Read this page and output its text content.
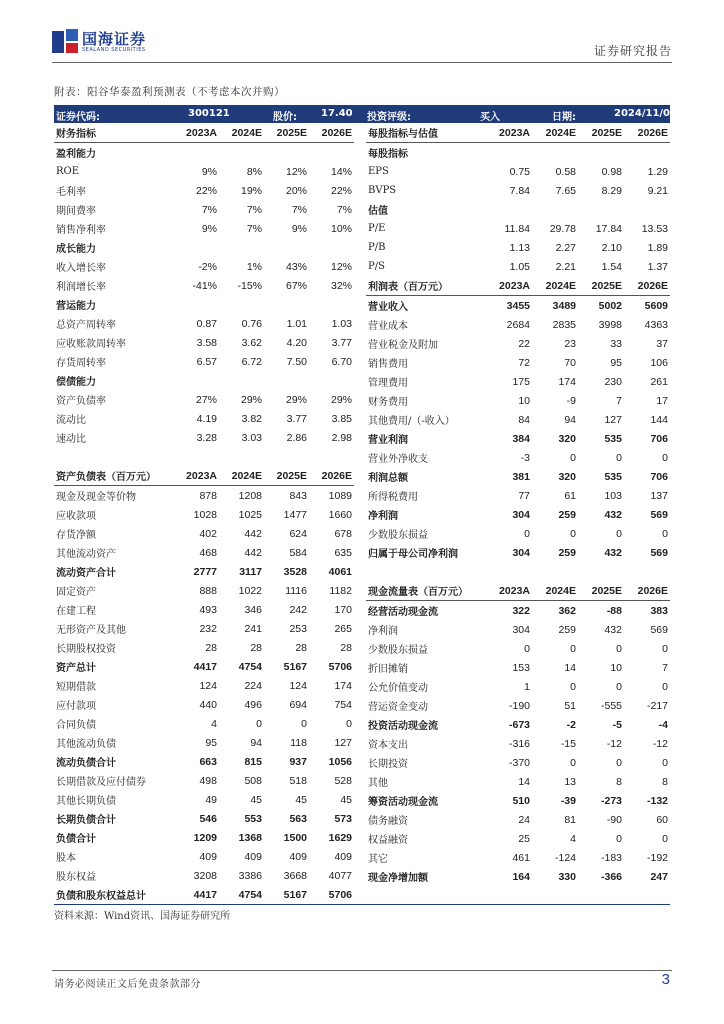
国海证券
SEALAND SECURITIES	证券研究报告
附表：阳谷华泰盈利预测表（不考虑本次并购）
证券代码:	300121	股价: 17.40 投资评级:	买入	日期:	2024/11/08
财务指标	2023A	2024E	2025E	2026E
盈利能力				
ROE	9%	8%	12%	14%
毛利率	22%	19%	20%	22%
期间费率	7%	7%	7%	7%
销售净利率	9%	7%	9%	10%
成长能力				
收入增长率	-2%	1%	43%	12%
利润增长率	-41%	-15%	67%	32%
营运能力				
总资产周转率	0.87	0.76	1.01	1.03
应收账款周转率	3.58	3.62	4.20	3.77
存货周转率	6.57	6.72	7.50	6.70
偿债能力				
资产负债率	27%	29%	29%	29%
流动比	4.19	3.82	3.77	3.85
速动比	3.28	3.03	2.86	2.98

资产负债表（百万元）	2023A	2024E	2025E	2026E
现金及现金等价物	878	1208	843	1089
应收款项	1028	1025	1477	1660
存货净额	402	442	624	678
其他流动资产	468	442	584	635
流动资产合计	2777	3117	3528	4061
固定资产	888	1022	1116	1182
在建工程	493	346	242	170
无形资产及其他	232	241	253	265
长期股权投资	28	28	28	28
资产总计	4417	4754	5167	5706
短期借款	124	224	124	174
应付款项	440	496	694	754
合同负债	4	0	0	0
其他流动负债	95	94	118	127
流动负债合计	663	815	937	1056
长期借款及应付债券	498	508	518	528
其他长期负债	49	45	45	45
长期负债合计	546	553	563	573
负债合计	1209	1368	1500	1629
股本	409	409	409	409
股东权益	3208	3386	3668	4077
负债和股东权益总计	4417	4754	5167	5706
每股指标与估值	2023A	2024E	2025E	2026E
每股指标				
EPS	0.75	0.58	0.98	1.29
BVPS	7.84	7.65	8.29	9.21
估值				
P/E	11.84	29.78	17.84	13.53
P/B	1.13	2.27	2.10	1.89
P/S	1.05	2.21	1.54	1.37
利润表（百万元）	2023A	2024E	2025E	2026E
营业收入	3455	3489	5002	5609
营业成本	2684	2835	3998	4363
营业税金及附加	22	23	33	37
销售费用	72	70	95	106
管理费用	175	174	230	261
财务费用	10	-9	7	17
其他费用/（-收入）	84	94	127	144
营业利润	384	320	535	706
营业外净收支	-3	0	0	0
利润总额	381	320	535	706
所得税费用	77	61	103	137
净利润	304	259	432	569
少数股东损益	0	0	0	0
归属于母公司净利润	304	259	432	569

现金流量表（百万元）	2023A	2024E	2025E	2026E
经营活动现金流	322	362	-88	383
净利润	304	259	432	569
少数股东损益	0	0	0	0
折旧摊销	153	14	10	7
公允价值变动	1	0	0	0
营运资金变动	-190	51	-555	-217
投资活动现金流	-673	-2	-5	-4
资本支出	-316	-15	-12	-12
长期投资	-370	0	0	0
其他	14	13	8	8
筹资活动现金流	510	-39	-273	-132
债务融资	24	81	-90	60
权益融资	25	4	0	0
其它	461	-124	-183	-192
现金净增加额	164	330	-366	247
资料来源：Wind资讯、国海证券研究所
请务必阅读正文后免责条款部分	3
